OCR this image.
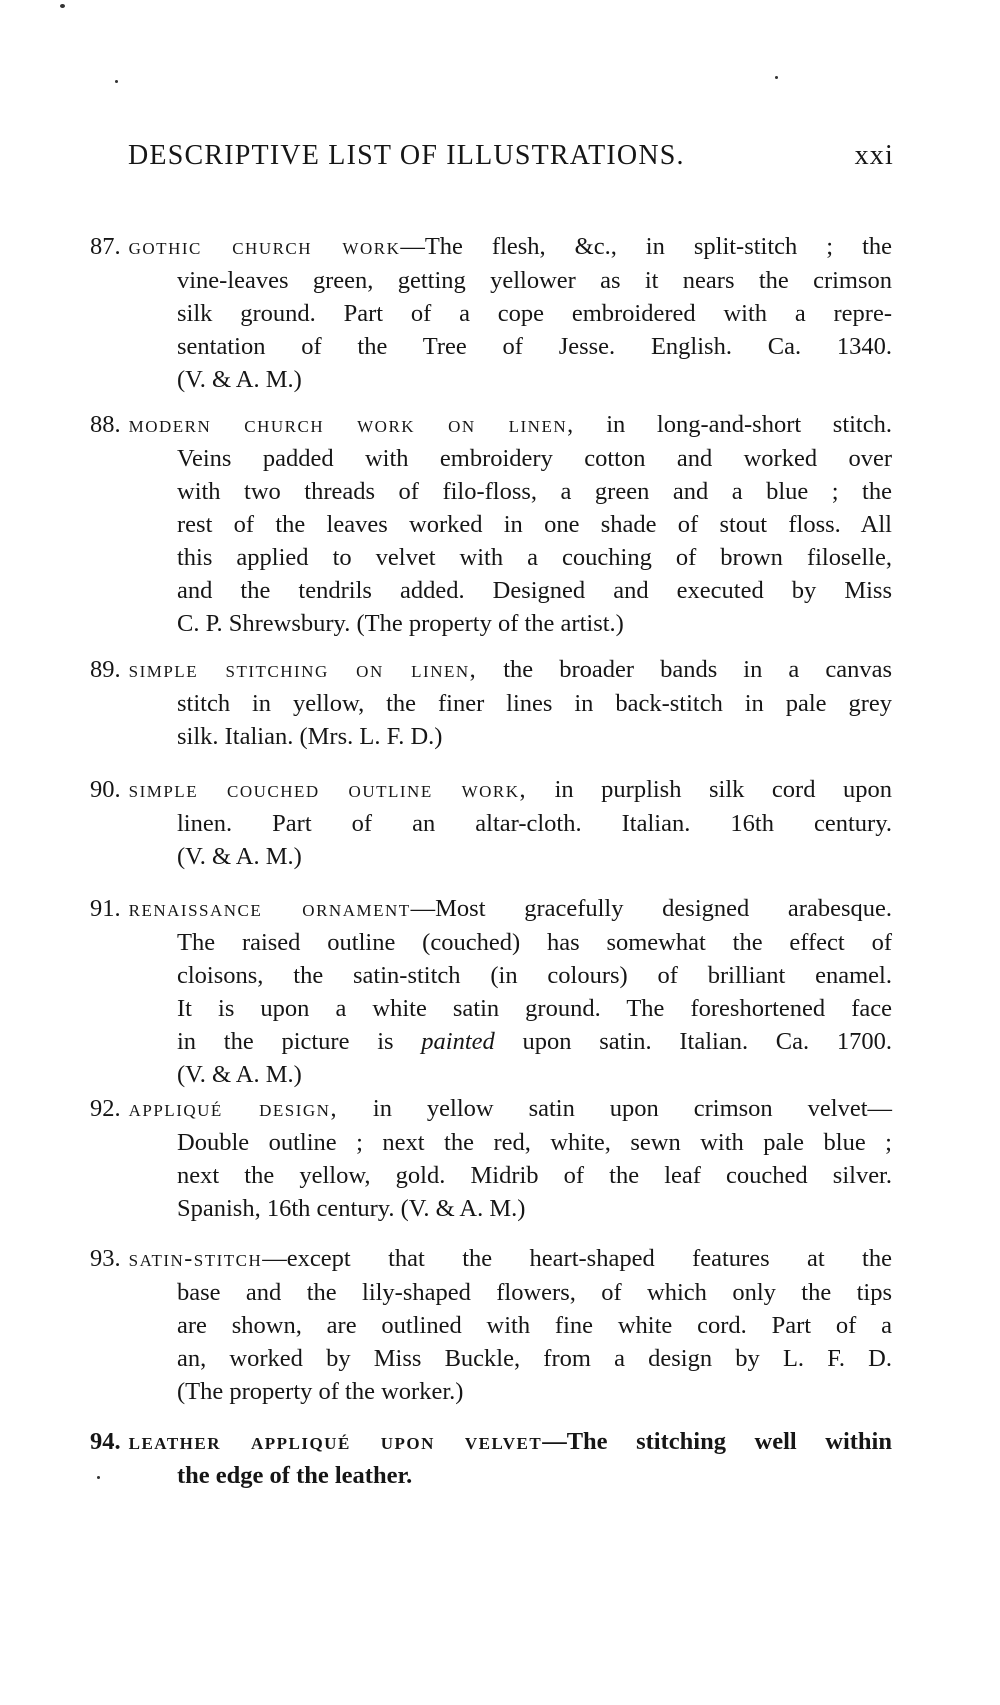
DESCRIPTIVE LIST OF ILLUSTRATIONS.	xxi
87. gothic church work—The flesh, &c., in split-stitch ; the
vine-leaves green, getting yellower as it nears the crimson
silk ground. Part of a cope embroidered with a repre-
sentation of the Tree of Jesse. English. Ca. 1340.
(V. & A. M.)
88. modern church work on linen, in long-and-short stitch.
Veins padded with embroidery cotton and worked over
with two threads of filo-floss, a green and a blue ; the
rest of the leaves worked in one shade of stout floss. All
this applied to velvet with a couching of brown filoselle,
and the tendrils added. Designed and executed by Miss
C. P. Shrewsbury. (The property of the artist.)
89. simple stitching on linen, the broader bands in a canvas
stitch in yellow, the finer lines in back-stitch in pale grey
silk. Italian. (Mrs. L. F. D.)
90. simple couched outline work, in purplish silk cord upon
linen. Part of an altar-cloth. Italian. 16th century.
(V. & A. M.)
91. renaissance ornament—Most gracefully designed arabesque.
The raised outline (couched) has somewhat the effect of
cloisons, the satin-stitch (in colours) of brilliant enamel.
It is upon a white satin ground. The foreshortened face
in the picture is painted upon satin. Italian. Ca. 1700.
(V. & A. M.)
92. appliqué design, in yellow satin upon crimson velvet—
Double outline ; next the red, white, sewn with pale blue ;
next the yellow, gold. Midrib of the leaf couched silver.
Spanish, 16th century. (V. & A. M.)
93. satin-stitch—except that the heart-shaped features at the
base and the lily-shaped flowers, of which only the tips
are shown, are outlined with fine white cord. Part of a
an, worked by Miss Buckle, from a design by L. F. D.
(The property of the worker.)
94. leather appliqué upon velvet—The stitching well within
the edge of the leather.
